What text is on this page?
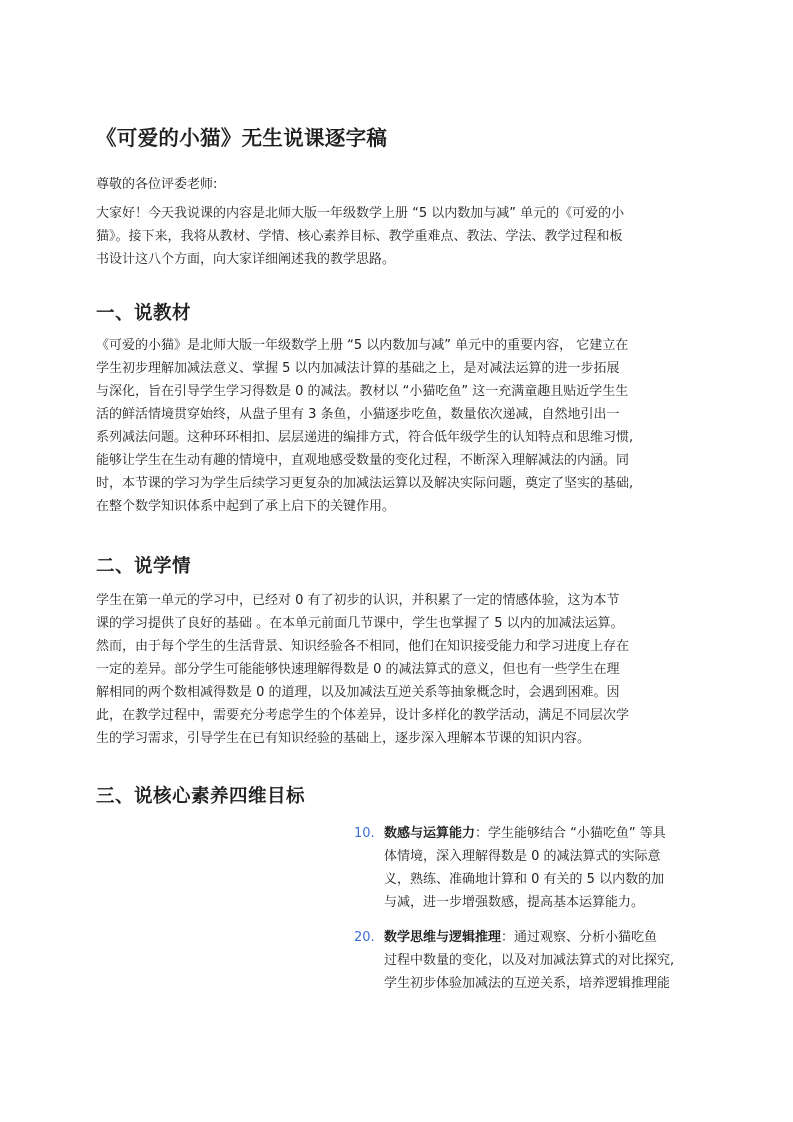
《可爱的小猫》无生说课逐字稿

尊敬的各位评委老师:

大家好！今天我说课的内容是北师大版一年级数学上册 “5 以内数加与减” 单元的《可爱的小
猫》。接下来，我将从教材、学情、核心素养目标、教学重难点、教法、学法、教学过程和板
书设计这八个方面，向大家详细阐述我的教学思路。

一、说教材

《可爱的小猫》是北师大版一年级数学上册 “5 以内数加与减” 单元中的重要内容， 它建立在
学生初步理解加减法意义、掌握 5 以内加减法计算的基础之上，是对减法运算的进一步拓展
与深化，旨在引导学生学习得数是 0 的减法。教材以 “小猫吃鱼” 这一充满童趣且贴近学生生
活的鲜活情境贯穿始终，从盘子里有 3 条鱼，小猫逐步吃鱼，数量依次递减，自然地引出一
系列减法问题。这种环环相扣、层层递进的编排方式，符合低年级学生的认知特点和思维习惯,
能够让学生在生动有趣的情境中，直观地感受数量的变化过程，不断深入理解减法的内涵。同
时，本节课的学习为学生后续学习更复杂的加减法运算以及解决实际问题，奠定了坚实的基础,
在整个数学知识体系中起到了承上启下的关键作用。

二、说学情

学生在第一单元的学习中，已经对 0 有了初步的认识，并积累了一定的情感体验，这为本节
课的学习提供了良好的基础 。在本单元前面几节课中，学生也掌握了 5 以内的加减法运算。
然而，由于每个学生的生活背景、知识经验各不相同，他们在知识接受能力和学习进度上存在
一定的差异。部分学生可能能够快速理解得数是 0 的减法算式的意义，但也有一些学生在理
解相同的两个数相减得数是 0 的道理，以及加减法互逆关系等抽象概念时，会遇到困难。因
此，在教学过程中，需要充分考虑学生的个体差异，设计多样化的教学活动，满足不同层次学
生的学习需求，引导学生在已有知识经验的基础上，逐步深入理解本节课的知识内容。

三、说核心素养四维目标
10. 数感与运算能力：学生能够结合 “小猫吃鱼” 等具
体情境，深入理解得数是 0 的减法算式的实际意
义，熟练、准确地计算和 0 有关的 5 以内数的加
与减，进一步增强数感，提高基本运算能力。
20. 数学思维与逻辑推理：通过观察、分析小猫吃鱼
过程中数量的变化，以及对加减法算式的对比探究,
学生初步体验加减法的互逆关系，培养逻辑推理能
